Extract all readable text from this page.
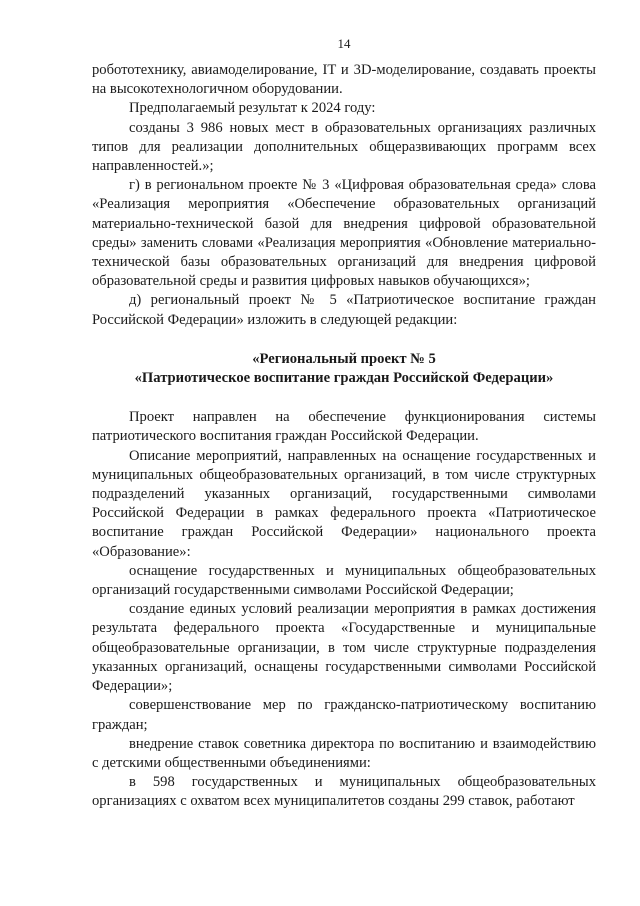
14

робототехнику, авиамоделирование, IT и 3D-моделирование, создавать проекты на высокотехнологичном оборудовании.

Предполагаемый результат к 2024 году:

созданы 3 986 новых мест в образовательных организациях различных типов для реализации дополнительных общеразвивающих программ всех направленностей.»;

г) в региональном проекте № 3 «Цифровая образовательная среда» слова «Реализация мероприятия «Обеспечение образовательных организаций материально-технической базой для внедрения цифровой образовательной среды» заменить словами «Реализация мероприятия «Обновление материально-технической базы образовательных организаций для внедрения цифровой образовательной среды и развития цифровых навыков обучающихся»;

д) региональный проект № 5 «Патриотическое воспитание граждан Российской Федерации» изложить в следующей редакции:

«Региональный проект № 5

«Патриотическое воспитание граждан Российской Федерации»

Проект направлен на обеспечение функционирования системы патриотического воспитания граждан Российской Федерации.

Описание мероприятий, направленных на оснащение государственных и муниципальных общеобразовательных организаций, в том числе структурных подразделений указанных организаций, государственными символами Российской Федерации в рамках федерального проекта «Патриотическое воспитание граждан Российской Федерации» национального проекта «Образование»:

оснащение государственных и муниципальных общеобразовательных организаций государственными символами Российской Федерации;

создание единых условий реализации мероприятия в рамках достижения результата федерального проекта «Государственные и муниципальные общеобразовательные организации, в том числе структурные подразделения указанных организаций, оснащены государственными символами Российской Федерации»;

совершенствование мер по гражданско-патриотическому воспитанию граждан;

внедрение ставок советника директора по воспитанию и взаимодействию с детскими общественными объединениями:

в 598 государственных и муниципальных общеобразовательных организациях с охватом всех муниципалитетов созданы 299 ставок, работают
